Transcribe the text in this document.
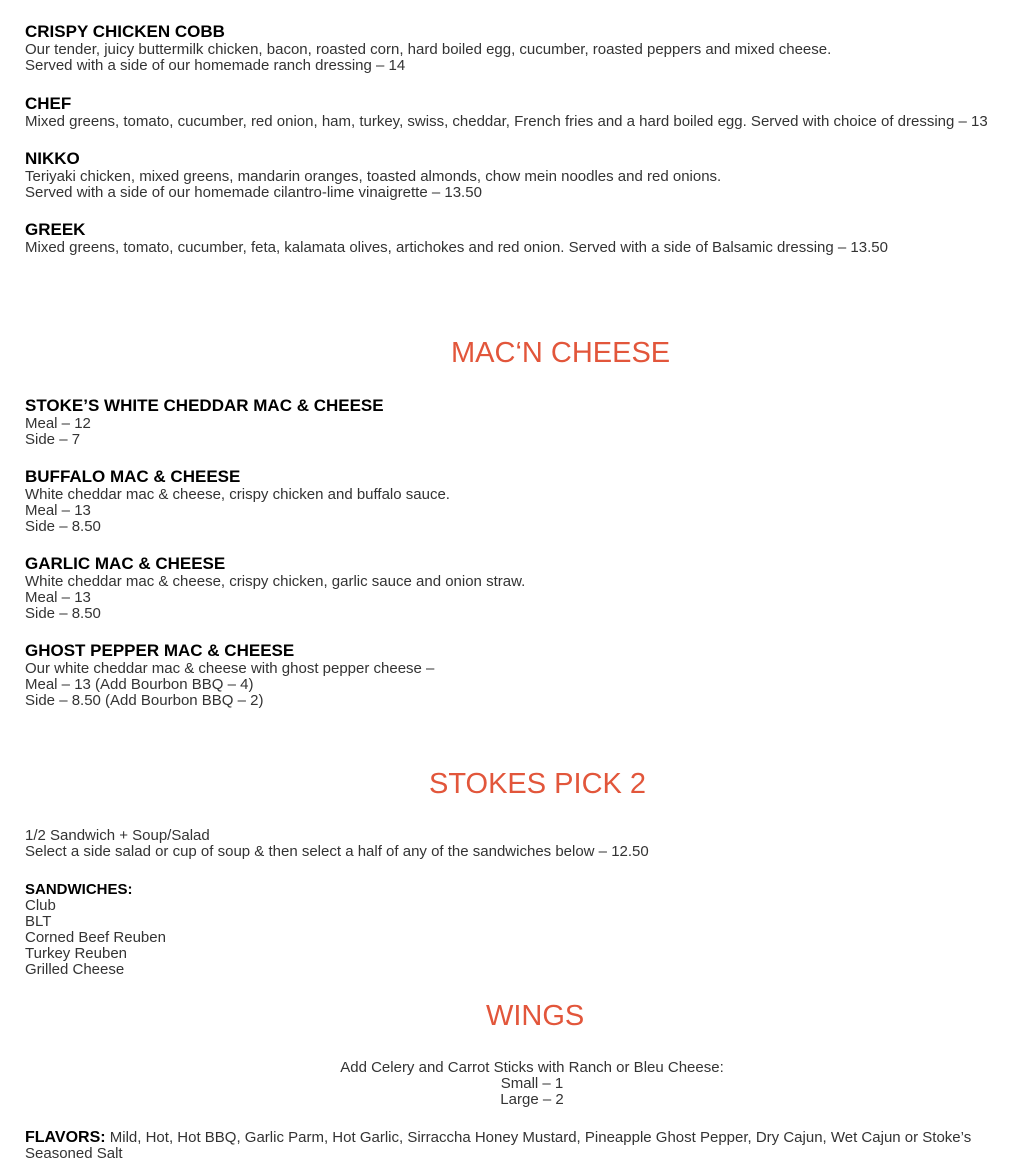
CRISPY CHICKEN COBB
Our tender, juicy buttermilk chicken, bacon, roasted corn, hard boiled egg, cucumber, roasted peppers and mixed cheese.
Served with a side of our homemade ranch dressing – 14
CHEF
Mixed greens, tomato, cucumber, red onion, ham, turkey, swiss, cheddar, French fries and a hard boiled egg. Served with choice of dressing – 13
NIKKO
Teriyaki chicken, mixed greens, mandarin oranges, toasted almonds, chow mein noodles and red onions.
Served with a side of our homemade cilantro-lime vinaigrette – 13.50
GREEK
Mixed greens, tomato, cucumber, feta, kalamata olives, artichokes and red onion. Served with a side of Balsamic dressing – 13.50
MAC‘N CHEESE
STOKE’S WHITE CHEDDAR MAC & CHEESE
Meal – 12
Side – 7
BUFFALO MAC & CHEESE
White cheddar mac & cheese, crispy chicken and buffalo sauce.
Meal – 13
Side – 8.50
GARLIC MAC & CHEESE
White cheddar mac & cheese, crispy chicken, garlic sauce and onion straw.
Meal – 13
Side – 8.50
GHOST PEPPER MAC & CHEESE
Our white cheddar mac & cheese with ghost pepper cheese –
Meal – 13 (Add Bourbon BBQ – 4)
Side – 8.50 (Add Bourbon BBQ – 2)
STOKES PICK 2
1/2 Sandwich + Soup/Salad
Select a side salad or cup of soup & then select a half of any of the sandwiches below – 12.50
SANDWICHES:
Club
BLT
Corned Beef Reuben
Turkey Reuben
Grilled Cheese
WINGS
Add Celery and Carrot Sticks with Ranch or Bleu Cheese:
Small – 1
Large – 2
FLAVORS: Mild, Hot, Hot BBQ, Garlic Parm, Hot Garlic, Sirraccha Honey Mustard, Pineapple Ghost Pepper, Dry Cajun, Wet Cajun or Stoke’s Seasoned Salt
